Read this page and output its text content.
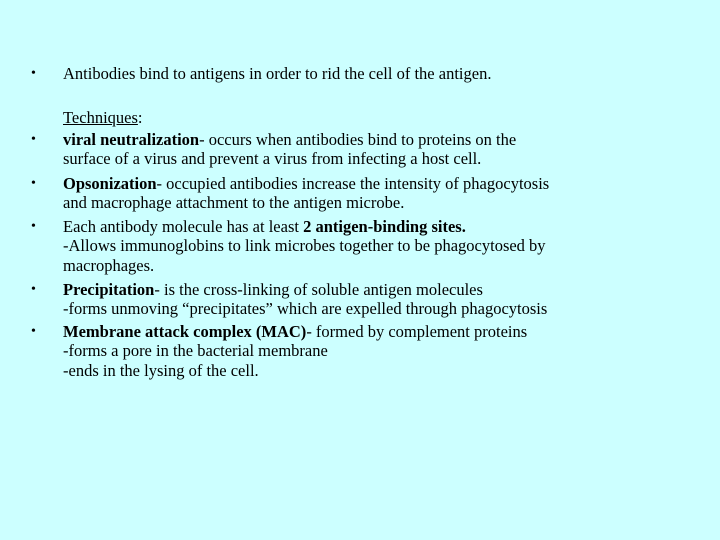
•	Antibodies bind to antigens in order to rid the cell of the antigen.
Techniques:
•	viral neutralization- occurs when antibodies bind to proteins on the
surface of a virus and prevent a virus from infecting a host cell.
•	Opsonization- occupied antibodies increase the intensity of phagocytosis
and macrophage attachment to the antigen microbe.
•	Each antibody molecule has at least 2 antigen-binding sites.
-Allows immunoglobins to link microbes together to be phagocytosed by
macrophages.
•	Precipitation- is the cross-linking of soluble antigen molecules
-forms unmoving “precipitates” which are expelled through phagocytosis
•	Membrane attack complex (MAC)- formed by complement proteins
-forms a pore in the bacterial membrane
-ends in the lysing of the cell.
